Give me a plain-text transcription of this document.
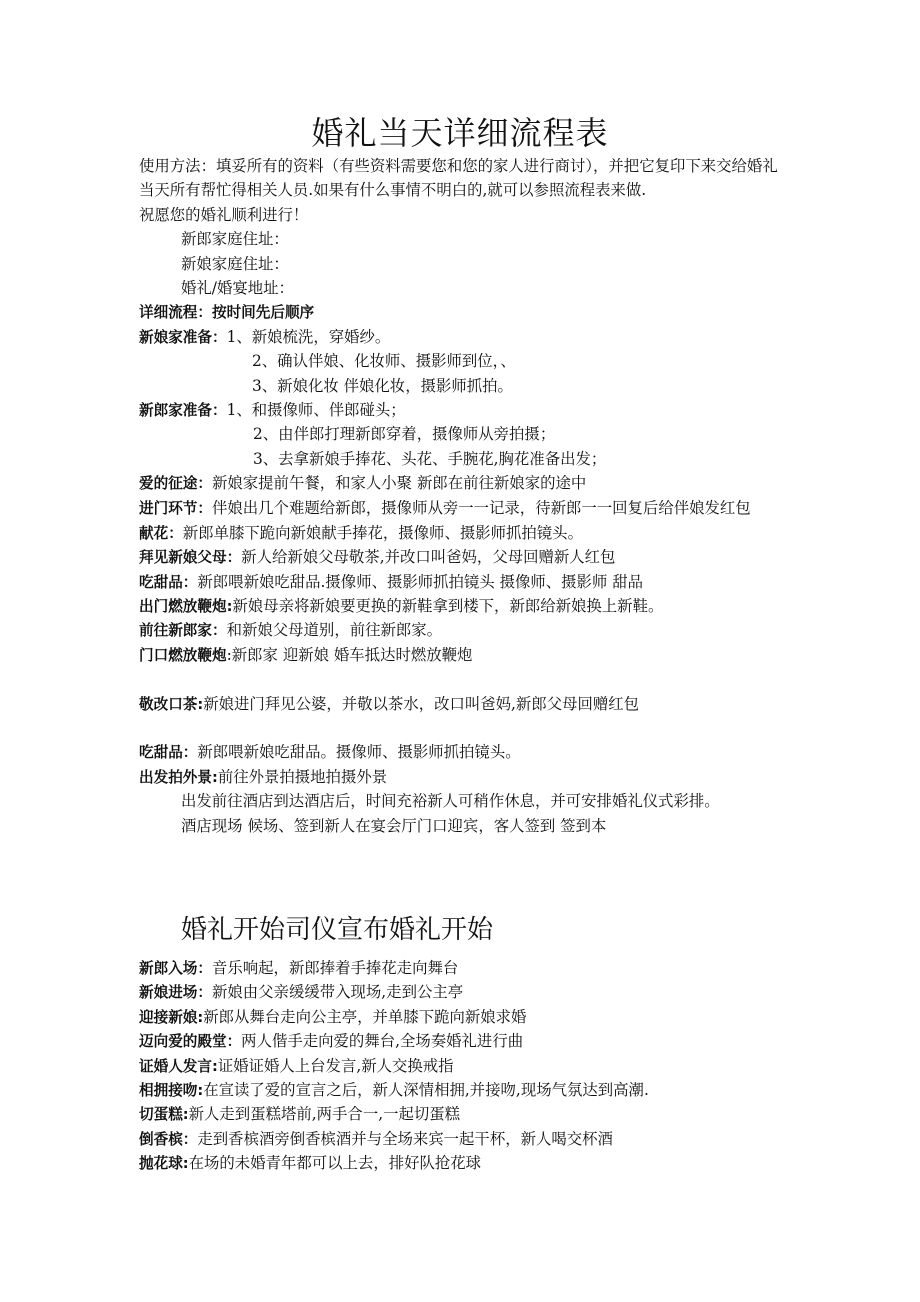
婚礼当天详细流程表
使用方法：填妥所有的资料（有些资料需要您和您的家人进行商讨），并把它复印下来交给婚礼当天所有帮忙得相关人员.如果有什么事情不明白的,就可以参照流程表来做.
祝愿您的婚礼顺利进行！
新郎家庭住址：
新娘家庭住址：
婚礼/婚宴地址：
详细流程：按时间先后顺序
新娘家准备：1、新娘梳洗，穿婚纱。
2、确认伴娘、化妆师、摄影师到位，、
3、新娘化妆 伴娘化妆，摄影师抓拍。
新郎家准备：1、和摄像师、伴郎碰头；
2、由伴郎打理新郎穿着，摄像师从旁拍摄；
3、去拿新娘手捧花、头花、手腕花,胸花准备出发；
爱的征途：新娘家提前午餐，和家人小聚 新郎在前往新娘家的途中
进门环节：伴娘出几个难题给新郎，摄像师从旁一一记录，待新郎一一回复后给伴娘发红包
献花：新郎单膝下跪向新娘献手捧花，摄像师、摄影师抓拍镜头。
拜见新娘父母：新人给新娘父母敬茶,并改口叫爸妈，父母回赠新人红包
吃甜品：新郎喂新娘吃甜品.摄像师、摄影师抓拍镜头 摄像师、摄影师 甜品
出门燃放鞭炮:新娘母亲将新娘要更换的新鞋拿到楼下，新郎给新娘换上新鞋。
前往新郎家：和新娘父母道别，前往新郎家。
门口燃放鞭炮:新郎家 迎新娘 婚车抵达时燃放鞭炮
敬改口茶:新娘进门拜见公婆，并敬以茶水，改口叫爸妈,新郎父母回赠红包
吃甜品：新郎喂新娘吃甜品。摄像师、摄影师抓拍镜头。
出发拍外景:前往外景拍摄地拍摄外景
出发前往酒店到达酒店后，时间充裕新人可稍作休息，并可安排婚礼仪式彩排。
酒店现场 候场、签到新人在宴会厅门口迎宾，客人签到 签到本
婚礼开始司仪宣布婚礼开始
新郎入场：音乐响起，新郎捧着手捧花走向舞台
新娘进场：新娘由父亲缓缓带入现场,走到公主亭
迎接新娘:新郎从舞台走向公主亭，并单膝下跪向新娘求婚
迈向爱的殿堂：两人偕手走向爱的舞台,全场奏婚礼进行曲
证婚人发言:证婚证婚人上台发言,新人交换戒指
相拥接吻:在宣读了爱的宣言之后，新人深情相拥,并接吻,现场气氛达到高潮.
切蛋糕:新人走到蛋糕塔前,两手合一,一起切蛋糕
倒香槟：走到香槟酒旁倒香槟酒并与全场来宾一起干杯，新人喝交杯酒
抛花球:在场的未婚青年都可以上去，排好队抢花球
